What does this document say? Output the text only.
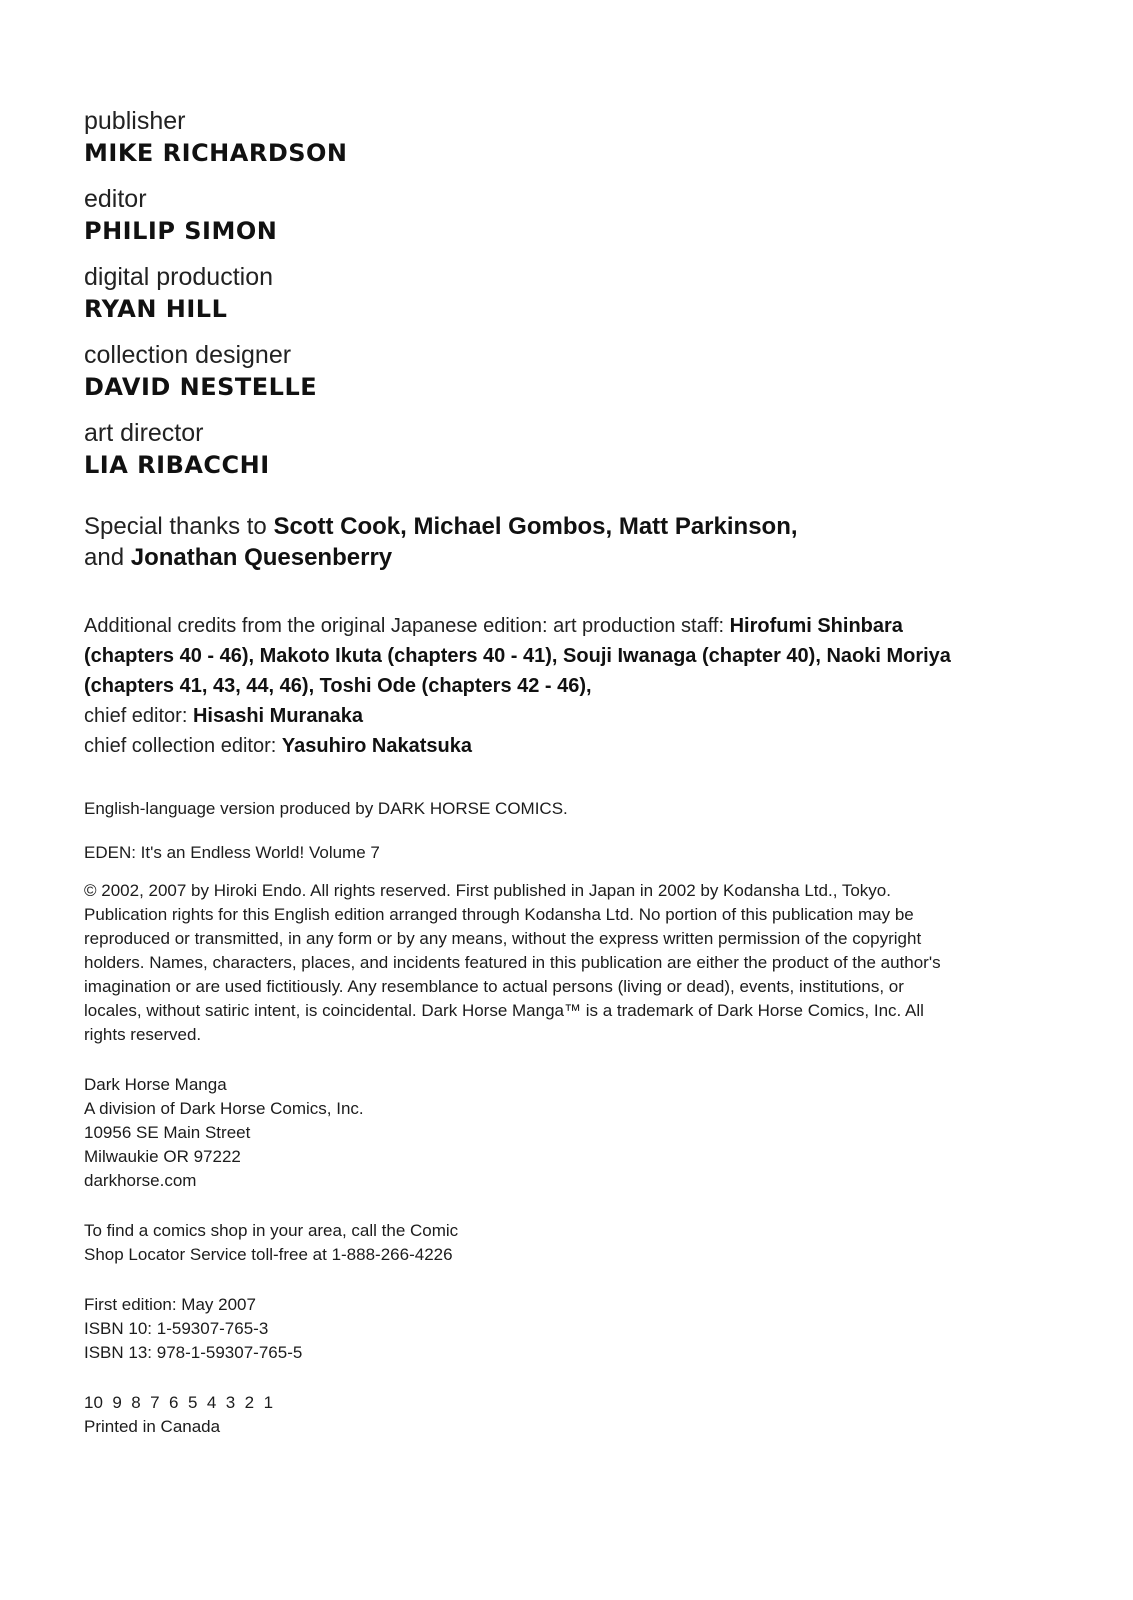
publisher
MIKE RICHARDSON
editor
PHILIP SIMON
digital production
RYAN HILL
collection designer
DAVID NESTELLE
art director
LIA RIBACCHI
Special thanks to Scott Cook, Michael Gombos, Matt Parkinson,
and Jonathan Quesenberry
Additional credits from the original Japanese edition: art production staff: Hirofumi Shinbara (chapters 40 - 46), Makoto Ikuta (chapters 40 - 41), Souji Iwanaga (chapter 40), Naoki Moriya (chapters 41, 43, 44, 46), Toshi Ode (chapters 42 - 46),
chief editor: Hisashi Muranaka
chief collection editor: Yasuhiro Nakatsuka
English-language version produced by DARK HORSE COMICS.
EDEN: It's an Endless World! Volume 7
© 2002, 2007 by Hiroki Endo. All rights reserved. First published in Japan in 2002 by Kodansha Ltd., Tokyo. Publication rights for this English edition arranged through Kodansha Ltd. No portion of this publication may be reproduced or transmitted, in any form or by any means, without the express written permission of the copyright holders. Names, characters, places, and incidents featured in this publication are either the product of the author's imagination or are used fictitiously. Any resemblance to actual persons (living or dead), events, institutions, or locales, without satiric intent, is coincidental. Dark Horse Manga™ is a trademark of Dark Horse Comics, Inc. All rights reserved.
Dark Horse Manga
A division of Dark Horse Comics, Inc.
10956 SE Main Street
Milwaukie OR 97222
darkhorse.com
To find a comics shop in your area, call the Comic
Shop Locator Service toll-free at 1-888-266-4226
First edition: May 2007
ISBN 10: 1-59307-765-3
ISBN 13: 978-1-59307-765-5
10  9  8  7  6  5  4  3  2  1
Printed in Canada
